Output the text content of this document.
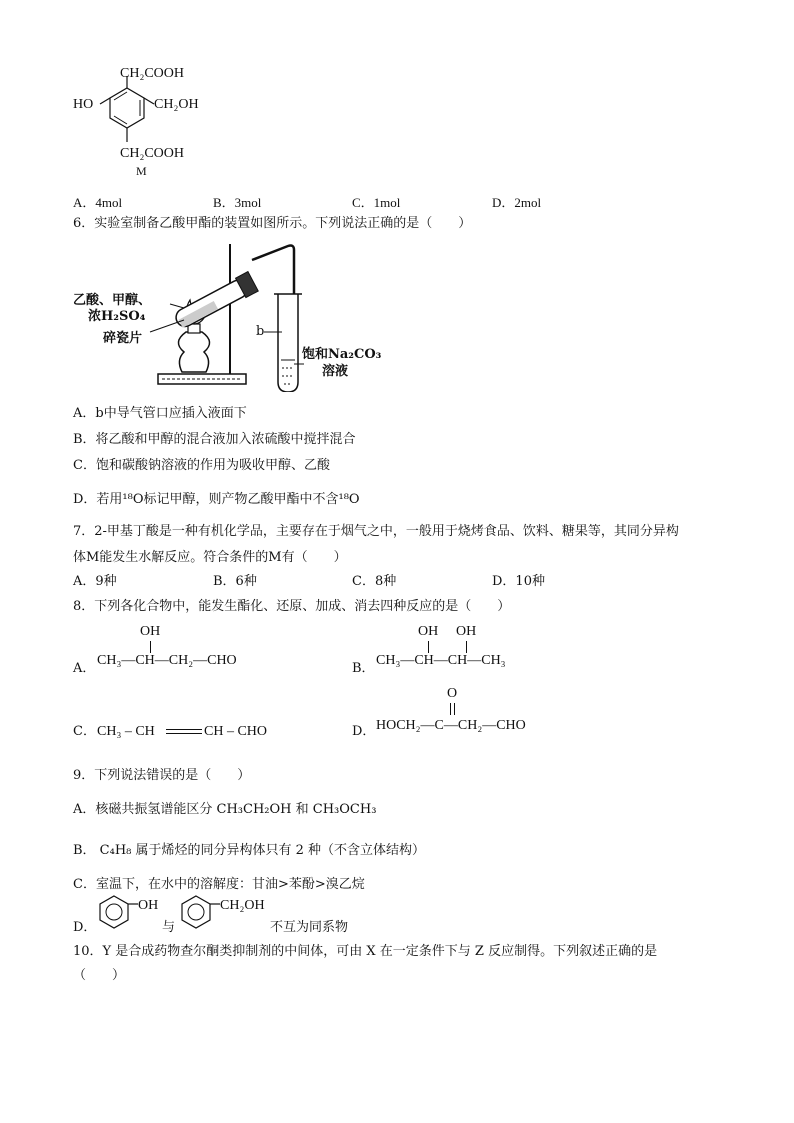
CH₂COOH
HO	CH₂OH
CH₂COOH
M
A．4mol	B．3mol	C．1mol	D．2mol
6．实验室制备乙酸甲酯的装置如图所示。下列说法正确的是（　　）
乙酸、甲醇、
浓H₂SO₄
碎瓷片	b
饱和Na₂CO₃
溶液
A．b中导气管口应插入液面下
B．将乙酸和甲醇的混合液加入浓硫酸中搅拌混合
C．饱和碳酸钠溶液的作用为吸收甲醇、乙酸
D．若用¹⁸O标记甲醇，则产物乙酸甲酯中不含¹⁸O
7．2-甲基丁酸是一种有机化学品，主要存在于烟气之中，一般用于烧烤食品、饮料、糖果等，其同分异构
体M能发生水解反应。符合条件的M有（　　）
A．9种	B．6种	C．8种	D．10种
8．下列各化合物中，能发生酯化、还原、加成、消去四种反应的是（　　）
A．
OH
CH₃—CH—CH₂—CHO
B．
OH OH
CH₃—CH—CH—CH₃
C． CH₃ – CH	CH – CHO	D．
O
HOCH₂—C—CH₂—CHO
9．下列说法错误的是（　　）
A．核磁共振氢谱能区分 CH₃CH₂OH 和 CH₃OCH₃
B． C₄H₈ 属于烯烃的同分异构体只有 2 种（不含立体结构）
C．室温下，在水中的溶解度：甘油>苯酚>溴乙烷
D．
OH
与
CH₂OH
不互为同系物
10．Y 是合成药物查尔酮类抑制剂的中间体，可由 X 在一定条件下与 Z 反应制得。下列叙述正确的是
（　　）
